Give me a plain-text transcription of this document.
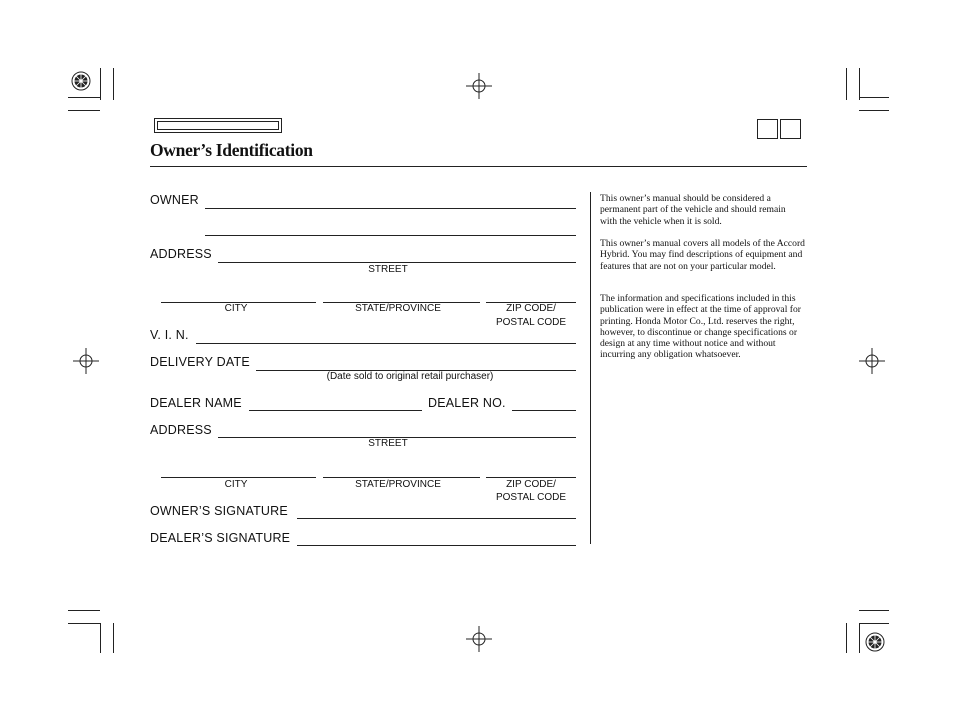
Owner’s Identification
OWNER
ADDRESS
STREET
CITY	STATE/PROVINCE	ZIP CODE/
POSTAL CODE
V. I. N.
DELIVERY DATE
(Date sold to original retail purchaser)
DEALER NAME	DEALER NO.
ADDRESS
STREET
CITY	STATE/PROVINCE	ZIP CODE/
POSTAL CODE
OWNER’S SIGNATURE
DEALER’S SIGNATURE

This owner’s manual should be considered a permanent part of the vehicle and should remain with the vehicle when it is sold.

This owner’s manual covers all models of the Accord Hybrid. You may find descriptions of equipment and features that are not on your particular model.

The information and specifications included in this publication were in effect at the time of approval for printing. Honda Motor Co., Ltd. reserves the right, however, to discontinue or change specifications or design at any time without notice and without incurring any obligation whatsoever.
